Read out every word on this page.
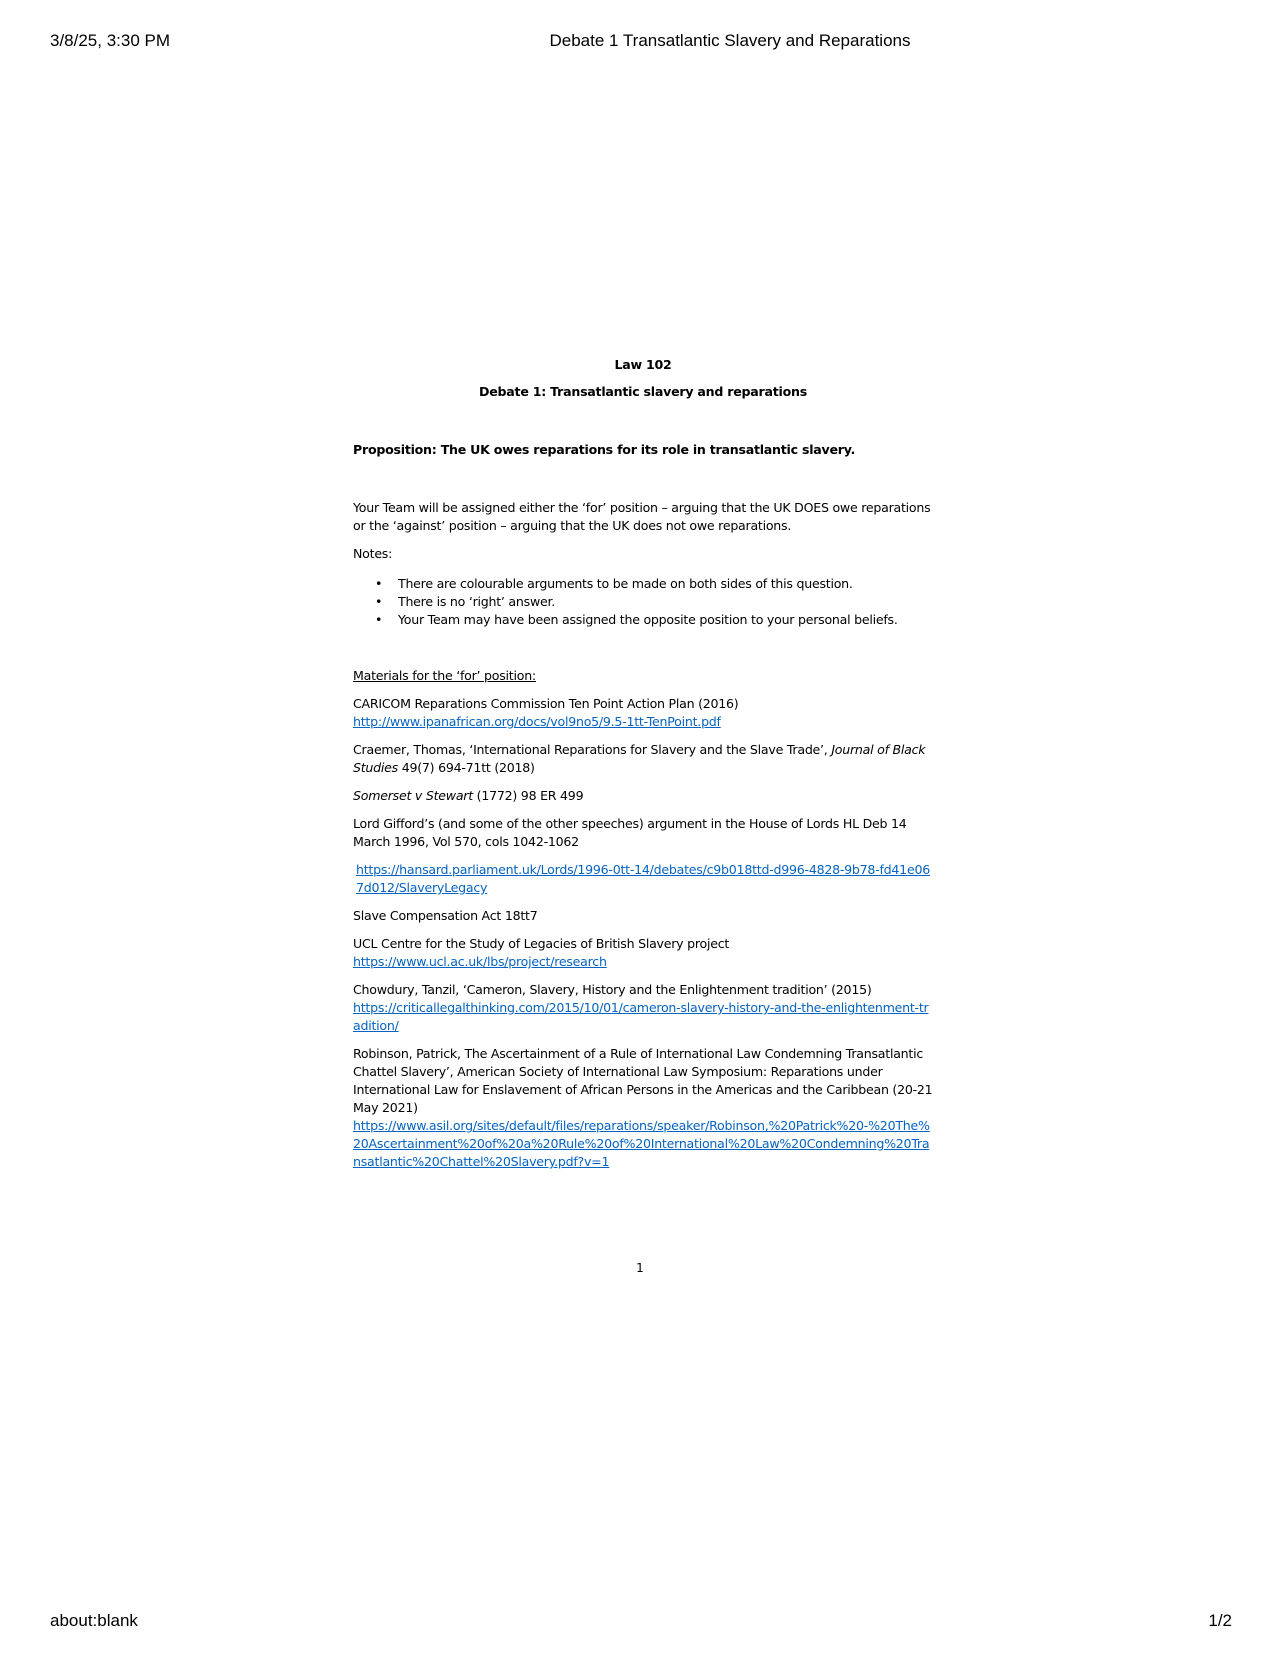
3/8/25, 3:30 PM	Debate 1 Transatlantic Slavery and Reparations
Law 102
Debate 1: Transatlantic slavery and reparations
Proposition: The UK owes reparations for its role in transatlantic slavery.

Your Team will be assigned either the ‘for’ position – arguing that the UK DOES owe reparations or the ‘against’ position – arguing that the UK does not owe reparations.

Notes:

• There are colourable arguments to be made on both sides of this question.
• There is no ‘right’ answer.
• Your Team may have been assigned the opposite position to your personal beliefs.
Materials for the ‘for’ position:
CARICOM Reparations Commission Ten Point Action Plan (2016)
http://www.ipanafrican.org/docs/vol9no5/9.5-1tt-TenPoint.pdf
Craemer, Thomas, ‘International Reparations for Slavery and the Slave Trade’, Journal of Black Studies 49(7) 694-71tt (2018)
Somerset v Stewart (1772) 98 ER 499
Lord Gifford’s (and some of the other speeches) argument in the House of Lords HL Deb 14 March 1996, Vol 570, cols 1042-1062
https://hansard.parliament.uk/Lords/1996-0tt-14/debates/c9b018ttd-d996-4828-9b78-fd41e067d012/SlaveryLegacy
Slave Compensation Act 18tt7
UCL Centre for the Study of Legacies of British Slavery project
https://www.ucl.ac.uk/lbs/project/research
Chowdury, Tanzil, ‘Cameron, Slavery, History and the Enlightenment tradition’ (2015)
https://criticallegalthinking.com/2015/10/01/cameron-slavery-history-and-the-enlightenment-tradition/
Robinson, Patrick, The Ascertainment of a Rule of International Law Condemning Transatlantic Chattel Slavery’, American Society of International Law Symposium: Reparations under International Law for Enslavement of African Persons in the Americas and the Caribbean (20-21 May 2021)
https://www.asil.org/sites/default/files/reparations/speaker/Robinson,%20Patrick%20-%20The%20Ascertainment%20of%20a%20Rule%20of%20International%20Law%20Condemning%20Transatlantic%20Chattel%20Slavery.pdf?v=1
1
about:blank	1/2
